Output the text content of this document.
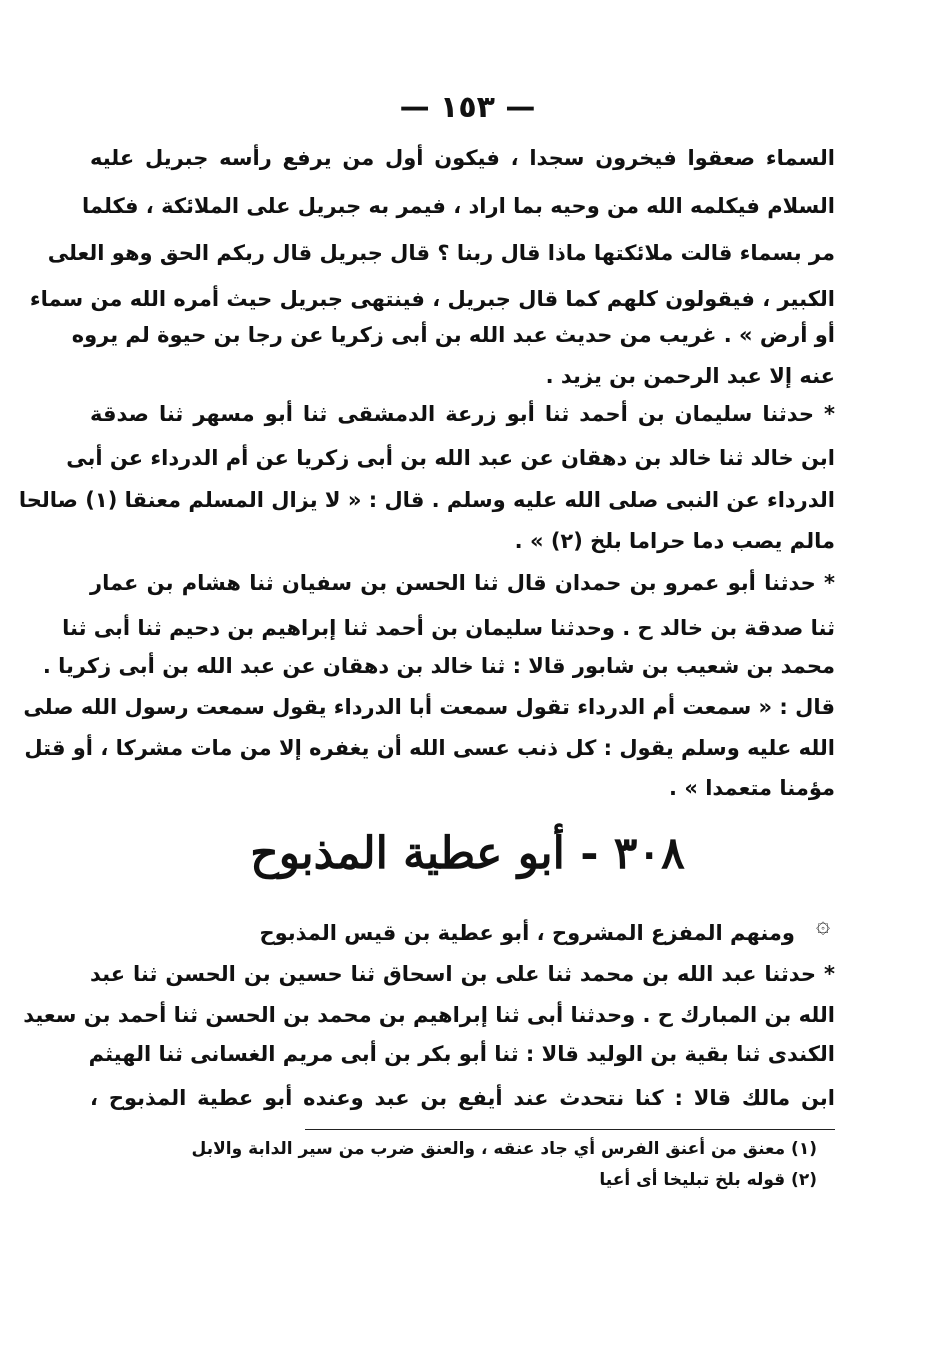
— ١٥٣ —
السماء صعقوا فيخرون سجدا ، فيكون أول من يرفع رأسه جبريل عليه
السلام فيكلمه الله من وحيه بما اراد ، فيمر به جبريل على الملائكة ، فكلما
مر بسماء قالت ملائكتها ماذا قال ربنا ؟ قال جبريل قال ربكم الحق وهو العلى
الكبير ، فيقولون كلهم كما قال جبريل ، فينتهى جبريل حيث أمره الله من سماء
أو أرض » . غريب من حديث عبد الله بن أبى زكريا عن رجا بن حيوة لم يروه
عنه إلا عبد الرحمن بن يزيد .
* حدثنا سليمان بن أحمد ثنا أبو زرعة الدمشقى ثنا أبو مسهر ثنا صدقة
ابن خالد ثنا خالد بن دهقان عن عبد الله بن أبى زكريا عن أم الدرداء عن أبى
الدرداء عن النبى صلى الله عليه وسلم . قال : « لا يزال المسلم معنقا (١) صالحا
مالم يصب دما حراما بلخ (٢) » .
* حدثنا أبو عمرو بن حمدان قال ثنا الحسن بن سفيان ثنا هشام بن عمار
ثنا صدقة بن خالد ح . وحدثنا سليمان بن أحمد ثنا إبراهيم بن دحيم ثنا أبى ثنا
محمد بن شعيب بن شابور قالا : ثنا خالد بن دهقان عن عبد الله بن أبى زكريا .
قال : « سمعت أم الدرداء تقول سمعت أبا الدرداء يقول سمعت رسول الله صلى
الله عليه وسلم يقول : كل ذنب عسى الله أن يغفره إلا من مات مشركا ، أو قتل
مؤمنا متعمدا » .
٣٠٨ - أبو عطية المذبوح
۞
ومنهم المفزع المشروح ، أبو عطية بن قيس المذبوح
* حدثنا عبد الله بن محمد ثنا على بن اسحاق ثنا حسين بن الحسن ثنا عبد
الله بن المبارك ح . وحدثنا أبى ثنا إبراهيم بن محمد بن الحسن ثنا أحمد بن سعيد
الكندى ثنا بقية بن الوليد قالا : ثنا أبو بكر بن أبى مريم الغسانى ثنا الهيثم
ابن مالك قالا : كنا نتحدث عند أيفع بن عبد وعنده أبو عطية المذبوح ،
(١) معنق من أعنق الفرس أي جاد عنقه ، والعنق ضرب من سير الدابة والابل
(٢) قوله بلخ تبليخا أى أعيا
